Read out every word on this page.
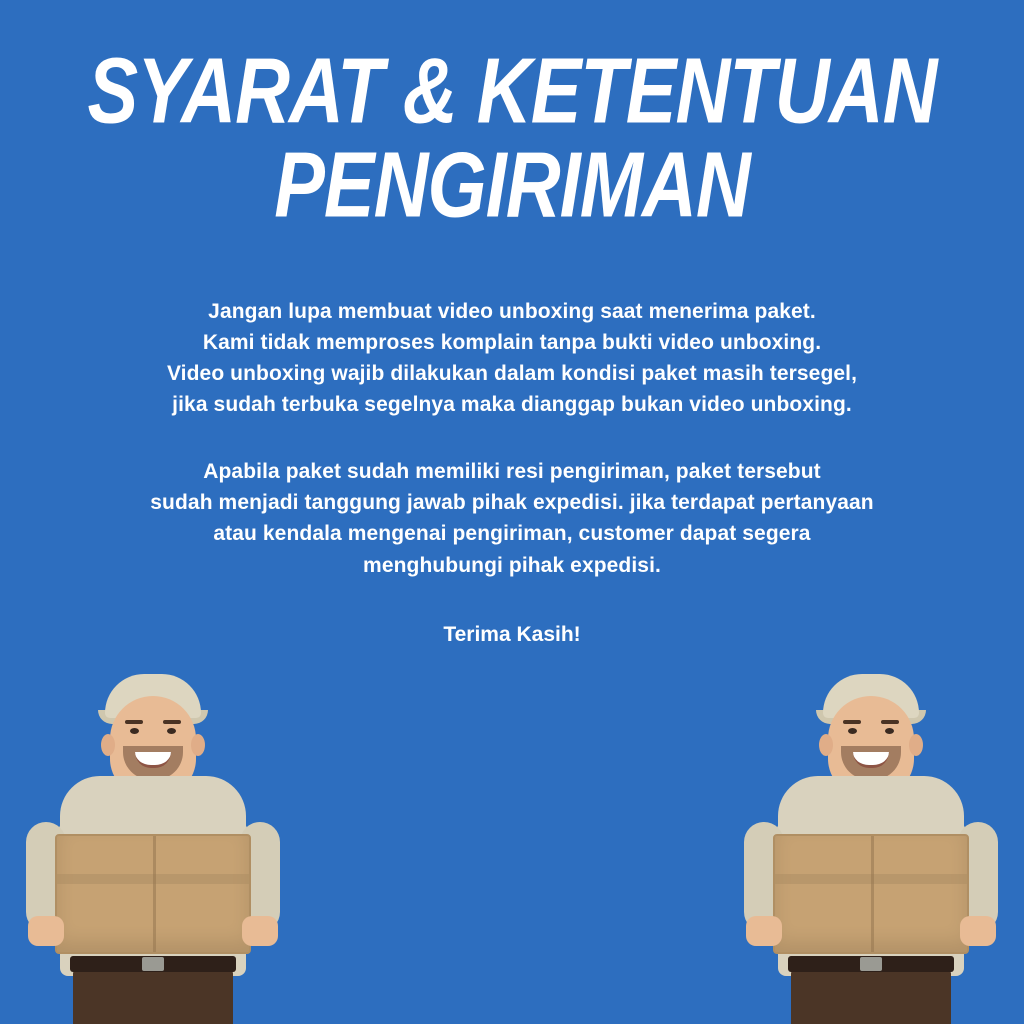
SYARAT & KETENTUAN
PENGIRIMAN
Jangan lupa membuat video unboxing saat menerima paket.
Kami tidak memproses komplain tanpa bukti video unboxing.
Video unboxing wajib dilakukan dalam kondisi paket masih tersegel,
jika sudah terbuka segelnya maka dianggap bukan video unboxing.
Apabila paket sudah memiliki resi pengiriman, paket tersebut
sudah menjadi tanggung jawab pihak expedisi. jika terdapat pertanyaan
atau kendala mengenai pengiriman, customer dapat segera
menghubungi pihak expedisi.
Terima Kasih!
